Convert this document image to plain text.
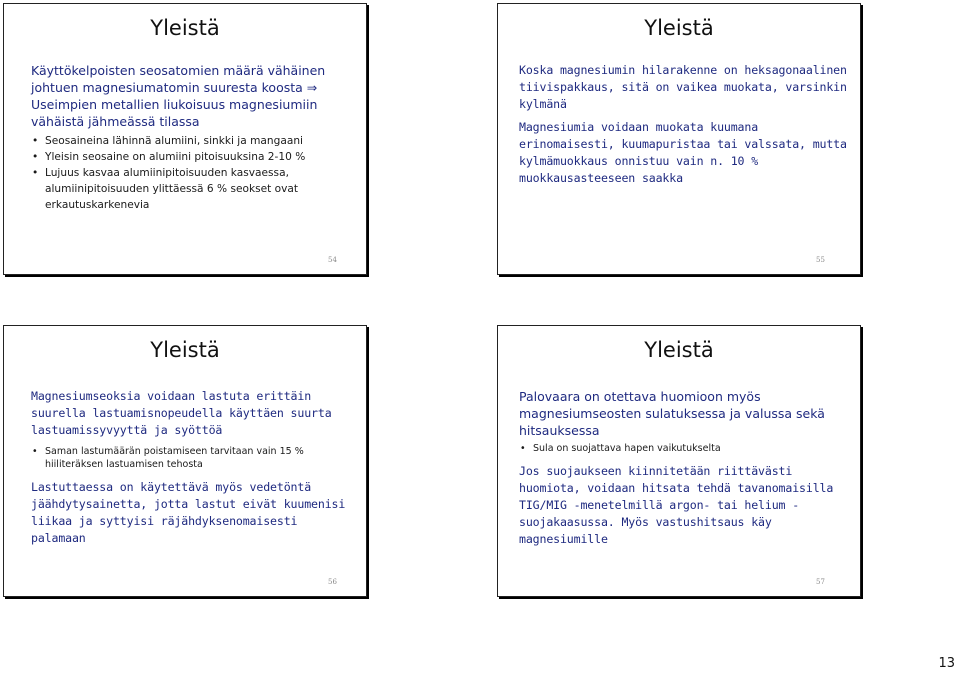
Yleistä

Käyttökelpoisten seosatomien määrä vähäinen johtuen magnesiumatomin suuresta koosta ⇒ Useimpien metallien liukoisuus magnesiumiin vähäistä jähmeässä tilassa

• Seosaineina lähinnä alumiini, sinkki ja mangaani
• Yleisin seosaine on alumiini pitoisuuksina 2-10 %
• Lujuus kasvaa alumiinipitoisuuden kasvaessa, alumiinipitoisuuden ylittäessä 6 % seokset ovat erkautuskarkenevia
54
Yleistä

Koska magnesiumin hilarakenne on heksagonaalinen tiivispakkaus, sitä on vaikea muokata, varsinkin kylmänä

Magnesiumia voidaan muokata kuumana erinomaisesti, kuumapuristaa tai valssata, mutta kylmämuokkaus onnistuu vain n. 10 % muokkausasteeseen saakka

55
Yleistä

Magnesiumseoksia voidaan lastuta erittäin suurella lastuamisnopeudella käyttäen suurta lastuamissyvyyttä ja syöttöä

• Saman lastumäärän poistamiseen tarvitaan vain 15 % hiiliteräksen lastuamisen tehosta

Lastuttaessa on käytettävä myös vedetöntä jäähdytysainetta, jotta lastut eivät kuumenisi liikaa ja syttyisi räjähdyksenomaisesti palamaan

56
Yleistä

Palovaara on otettava huomioon myös magnesiumseosten sulatuksessa ja valussa sekä hitsauksessa

• Sula on suojattava hapen vaikutukselta

Jos suojaukseen kiinnitetään riittävästi huomiota, voidaan hitsata tehdä tavanomaisilla TIG/MIG -menetelmillä argon- tai helium -suojakaasussa. Myös vastushitsaus käy magnesiumille

57
13
